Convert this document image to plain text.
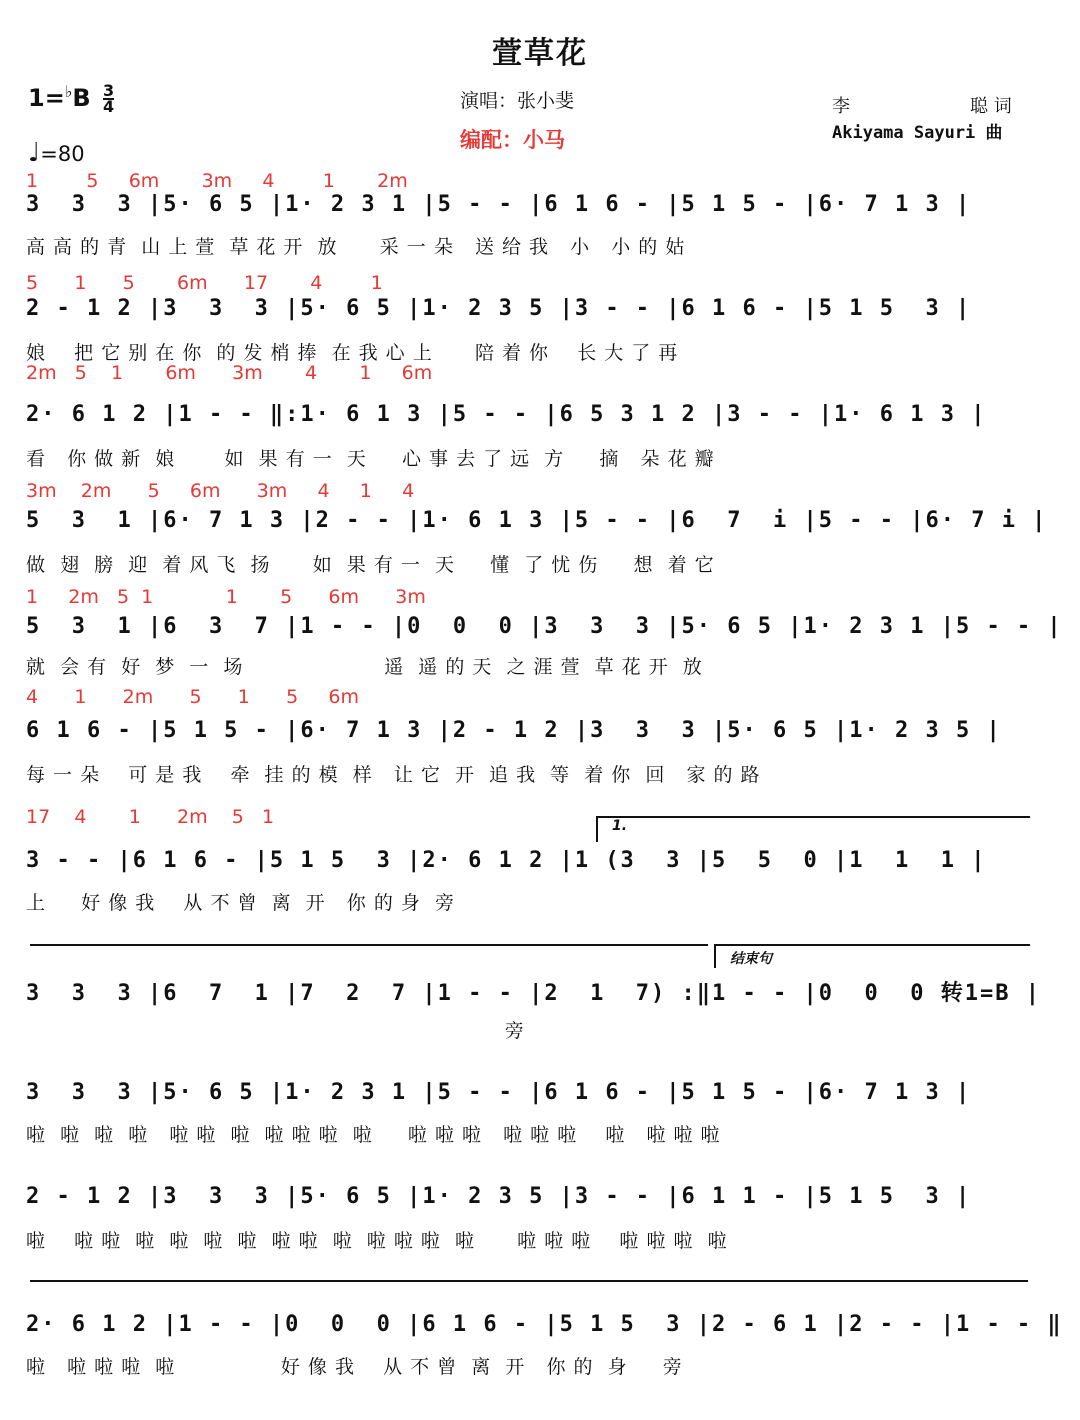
萱草花
$1=^♭B \frac{3}{4}$
♩=80
演唱：张小斐
编配：小马
李	聪 词
Akiyama Sayuri 曲
1        5     6m       3m     4        1       2m
3  3  3 |5· 6 5 |1· 2 3 1 |5 - - |6 1 6 - |5 1 5 - |6· 7 1 3 |
高 高 的 青  山 上 萱  草 花 开  放      采 一 朵   送 给 我   小   小 的 姑
5      1      5       6m      17       4        1
2 - 1 2 |3  3  3 |5· 6 5 |1· 2 3 5 |3 - - |6 1 6 - |5 1 5  3 |
娘    把 它 别 在 你  的 发 梢 捧  在 我 心 上      陪 着 你    长 大 了 再
2m   5    1       6m      3m       4       1     6m
2· 6 1 2 |1 - - ‖:1· 6 1 3 |5 - - |6 5 3 1 2 |3 - - |1· 6 1 3 |
看   你 做 新  娘       如  果 有 一  天     心 事 去 了 远  方     摘   朵 花 瓣
3m    2m      5     6m      3m     4     1     4
5  3  1 |6· 7 1 3 |2 - - |1· 6 1 3 |5 - - |6  7  i |5 - - |6· 7 i |
做  翅  膀  迎  着 风 飞  扬      如  果 有 一  天     懂  了 忧 伤     想  着 它
1     2m   5  1            1       5      6m      3m
5  3  1 |6  3  7 |1 - - |0  0  0 |3  3  3 |5· 6 5 |1· 2 3 1 |5 - - |
就  会 有  好  梦  一  场                    遥  遥 的 天  之 涯 萱  草 花 开  放
4      1      2m      5      1      5     6m
6 1 6 - |5 1 5 - |6· 7 1 3 |2 - 1 2 |3  3  3 |5· 6 5 |1· 2 3 5 |
每 一 朵    可 是 我    牵  挂 的 模  样   让 它  开  追 我  等  着 你  回   家 的 路
17    4       1      2m    5   1
3 - - |6 1 6 - |5 1 5  3 |2· 6 1 2 |1 (3  3 |5  5  0 |1  1  1 |
上     好 像 我    从 不 曾  离  开   你 的 身  旁
1.
结束句
3  3  3 |6  7  1 |7  2  7 |1 - - |2  1  7) :‖1 - - |0  0  0 转1=B |
旁
3  3  3 |5· 6 5 |1· 2 3 1 |5 - - |6 1 6 - |5 1 5 - |6· 7 1 3 |
啦  啦  啦  啦   啦 啦  啦  啦 啦 啦  啦     啦 啦 啦   啦 啦 啦    啦   啦 啦 啦
2 - 1 2 |3  3  3 |5· 6 5 |1· 2 3 5 |3 - - |6 1 1 - |5 1 5  3 |
啦    啦 啦  啦  啦  啦  啦  啦 啦  啦  啦 啦 啦  啦      啦 啦 啦    啦 啦 啦  啦
2· 6 1 2 |1 - - |0  0  0 |6 1 6 - |5 1 5  3 |2 - 6 1 |2 - - |1 - - ‖
啦   啦 啦 啦  啦               好 像 我    从 不 曾  离  开   你 的  身     旁
